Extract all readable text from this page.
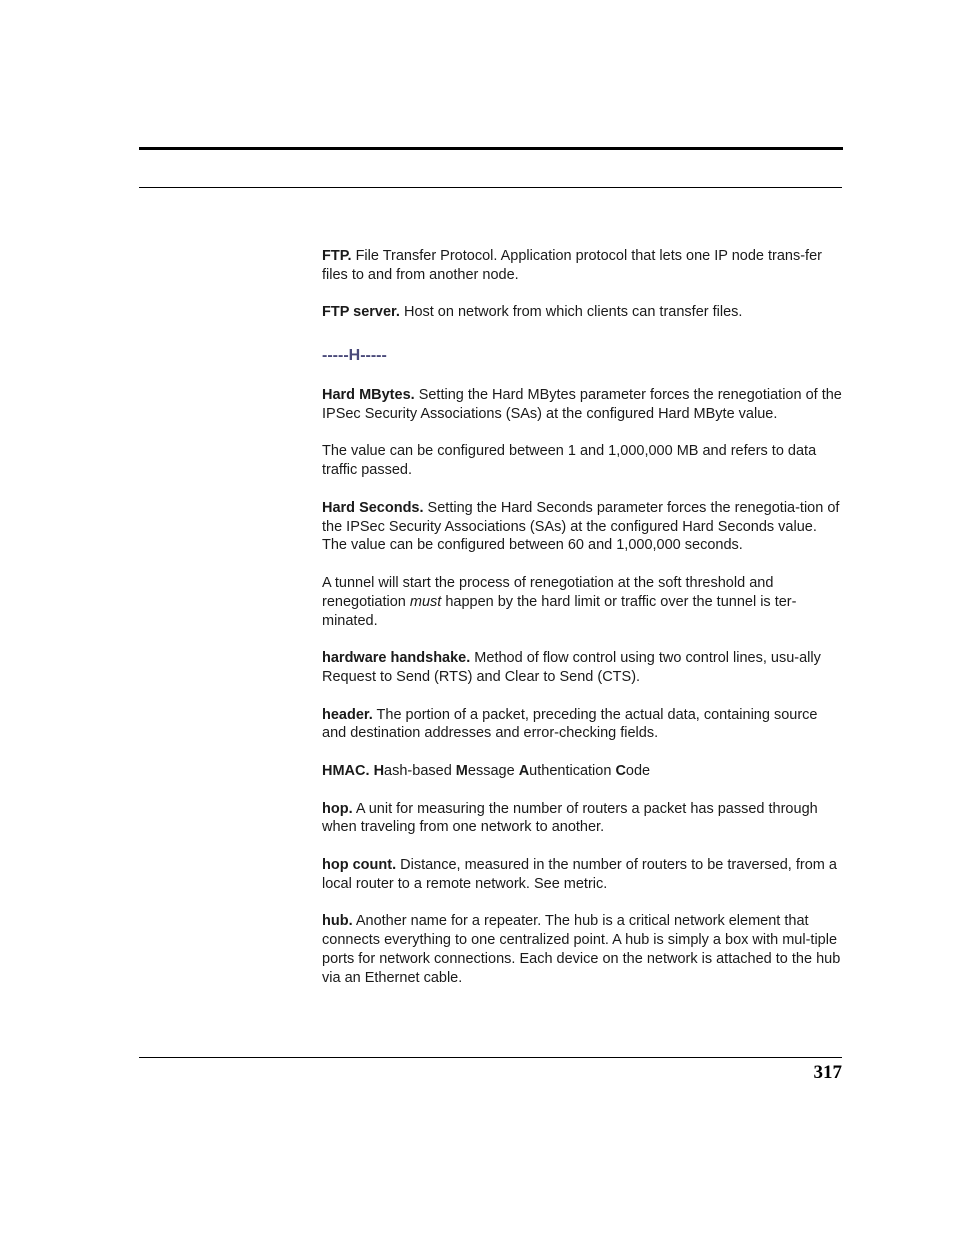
FTP. File Transfer Protocol. Application protocol that lets one IP node trans-fer files to and from another node.

FTP server. Host on network from which clients can transfer files.

-----H-----

Hard MBytes. Setting the Hard MBytes parameter forces the renegotiation of the IPSec Security Associations (SAs) at the configured Hard MByte value.

The value can be configured between 1 and 1,000,000 MB and refers to data traffic passed.

Hard Seconds. Setting the Hard Seconds parameter forces the renegotia-tion of the IPSec Security Associations (SAs) at the configured Hard Seconds value. The value can be configured between 60 and 1,000,000 seconds.

A tunnel will start the process of renegotiation at the soft threshold and renegotiation must happen by the hard limit or traffic over the tunnel is ter-minated.

hardware handshake. Method of flow control using two control lines, usu-ally Request to Send (RTS) and Clear to Send (CTS).

header. The portion of a packet, preceding the actual data, containing source and destination addresses and error-checking fields.

HMAC. Hash-based Message Authentication Code

hop. A unit for measuring the number of routers a packet has passed through when traveling from one network to another.

hop count. Distance, measured in the number of routers to be traversed, from a local router to a remote network. See metric.

hub. Another name for a repeater. The hub is a critical network element that connects everything to one centralized point. A hub is simply a box with mul-tiple ports for network connections. Each device on the network is attached to the hub via an Ethernet cable.

317
